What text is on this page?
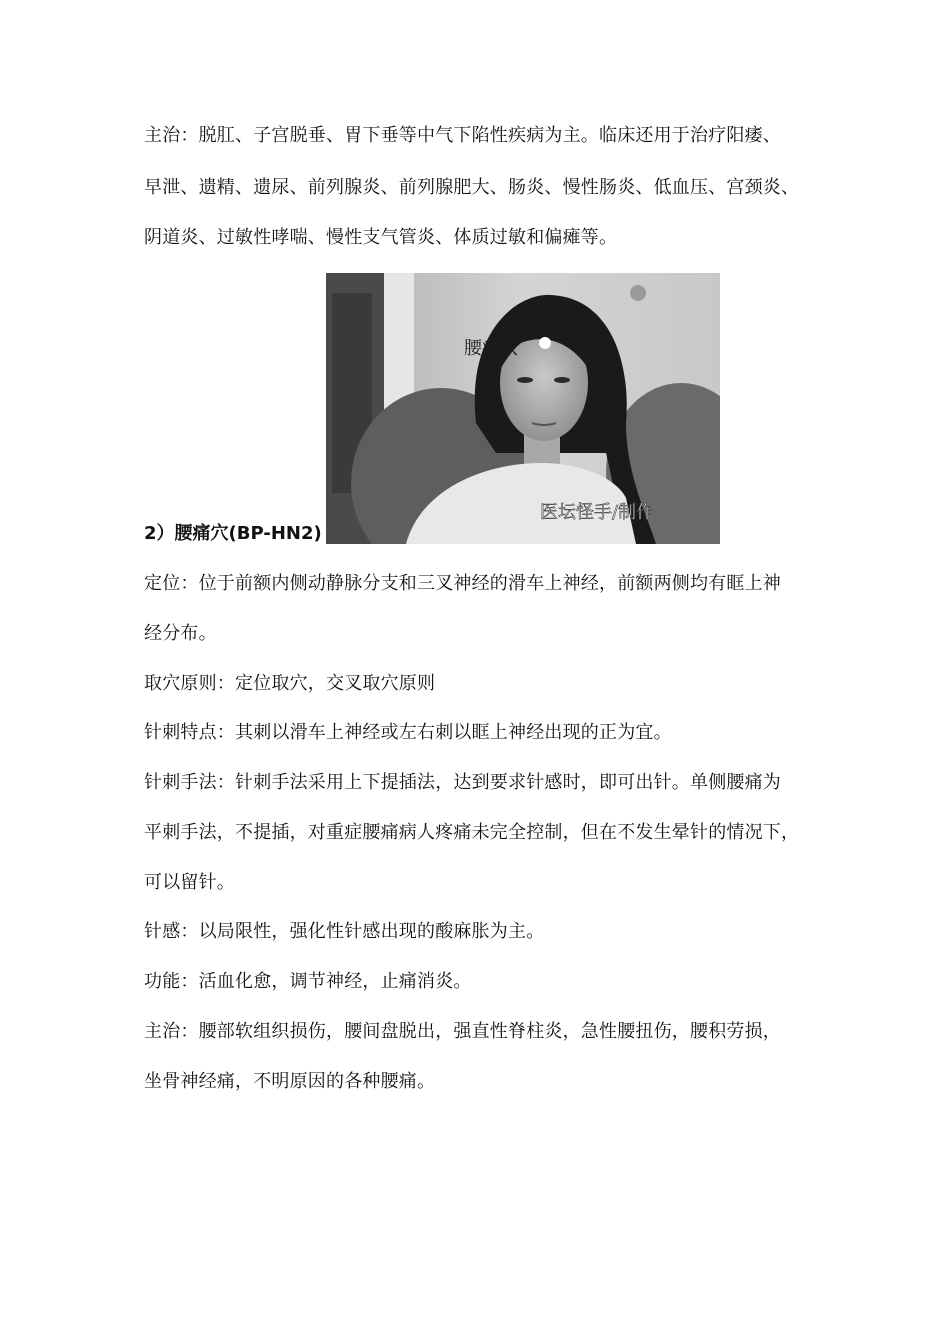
主治：脱肛、子宫脱垂、胃下垂等中气下陷性疾病为主。临床还用于治疗阳痿、
早泄、遗精、遗尿、前列腺炎、前列腺肥大、肠炎、慢性肠炎、低血压、宫颈炎、
阴道炎、过敏性哮喘、慢性支气管炎、体质过敏和偏瘫等。
腰痛穴
医坛怪手/制作
2）腰痛穴(BP-HN2)
定位：位于前额内侧动静脉分支和三叉神经的滑车上神经，前额两侧均有眶上神
经分布。
取穴原则：定位取穴，交叉取穴原则
针刺特点：其刺以滑车上神经或左右刺以眶上神经出现的正为宜。
针刺手法：针刺手法采用上下提插法，达到要求针感时，即可出针。单侧腰痛为
平刺手法，不提插，对重症腰痛病人疼痛未完全控制，但在不发生晕针的情况下，
可以留针。
针感：以局限性，强化性针感出现的酸麻胀为主。
功能：活血化愈，调节神经，止痛消炎。
主治：腰部软组织损伤，腰间盘脱出，强直性脊柱炎，急性腰扭伤，腰积劳损，
坐骨神经痛，不明原因的各种腰痛。
